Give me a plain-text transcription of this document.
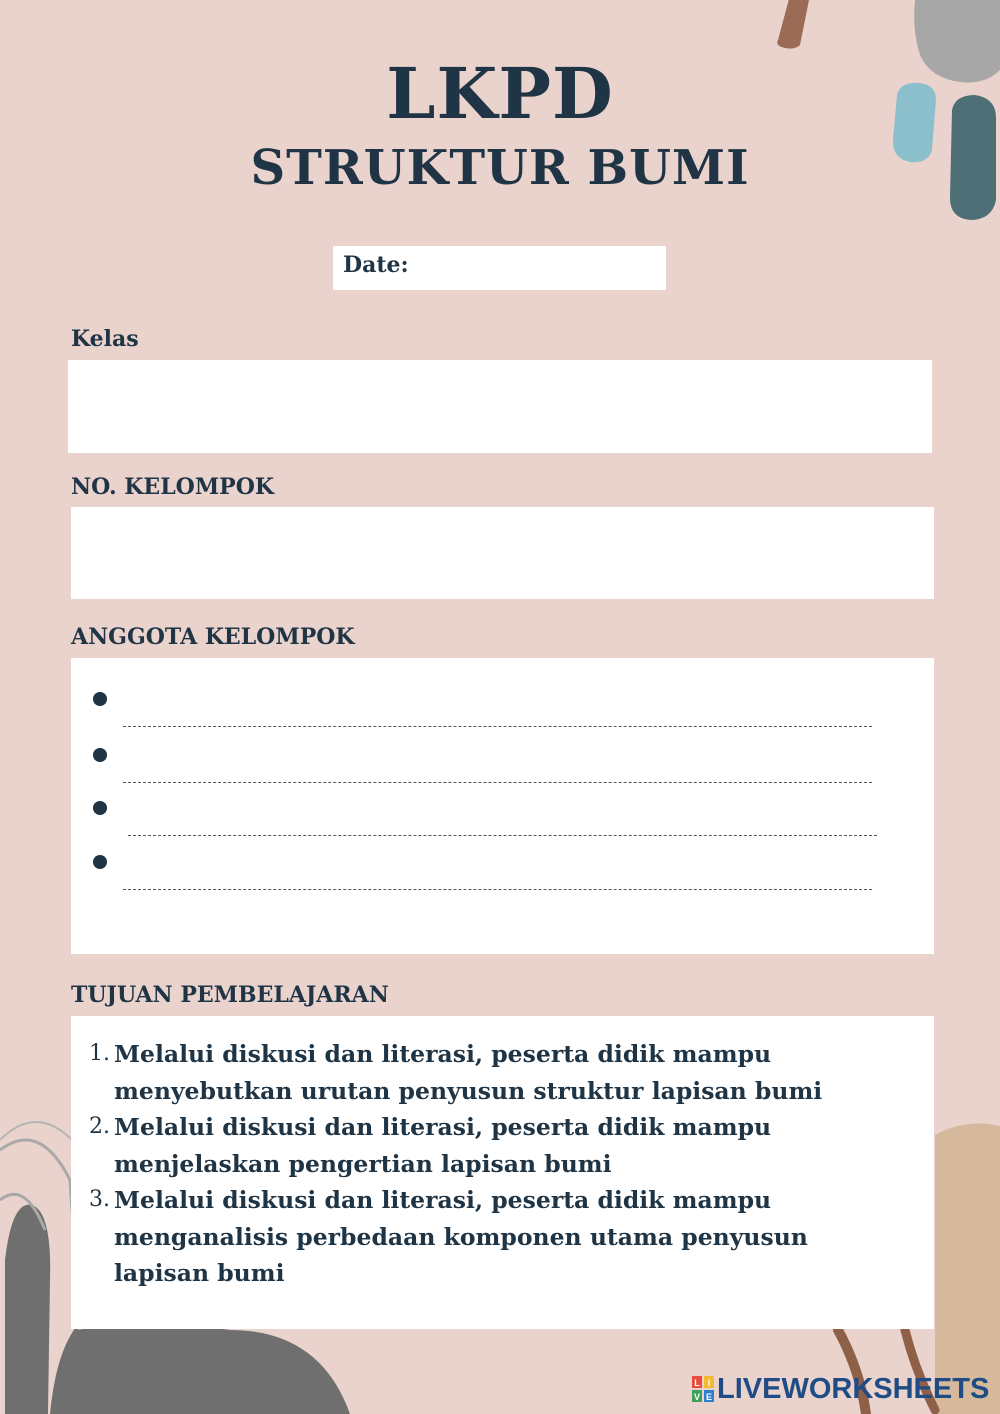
LKPD
STRUKTUR BUMI
Date:
Kelas
NO. KELOMPOK
ANGGOTA KELOMPOK
TUJUAN PEMBELAJARAN
1. Melalui diskusi dan literasi, peserta didik mampu menyebutkan urutan penyusun struktur lapisan bumi
2. Melalui diskusi dan literasi, peserta didik mampu menjelaskan pengertian lapisan bumi
3. Melalui diskusi dan literasi, peserta didik mampu menganalisis perbedaan komponen utama penyusun lapisan bumi
L I
V E LIVEWORKSHEETS
